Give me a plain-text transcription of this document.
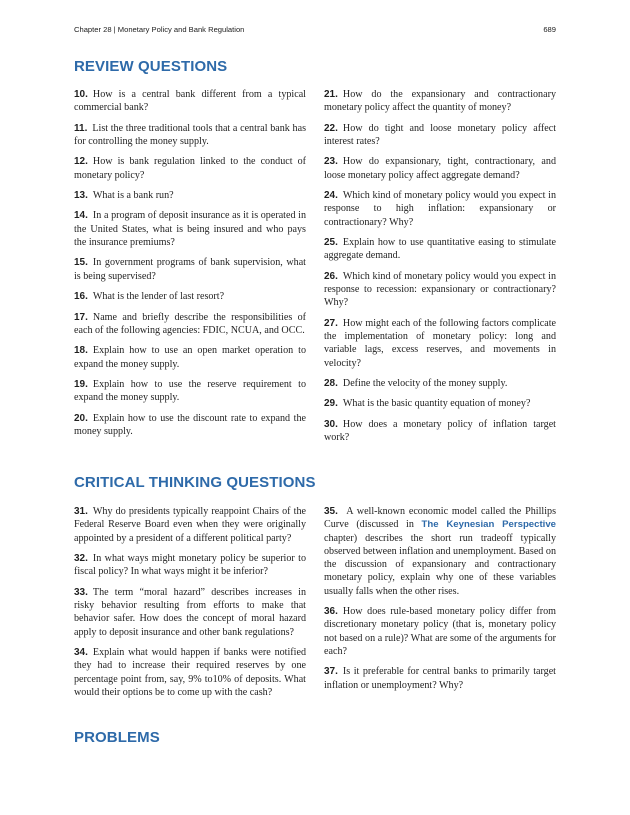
Chapter 28 | Monetary Policy and Bank Regulation	689
REVIEW QUESTIONS

10. How is a central bank different from a typical commercial bank?

11. List the three traditional tools that a central bank has for controlling the money supply.

12. How is bank regulation linked to the conduct of monetary policy?

13. What is a bank run?

14. In a program of deposit insurance as it is operated in the United States, what is being insured and who pays the insurance premiums?

15. In government programs of bank supervision, what is being supervised?

16. What is the lender of last resort?

17. Name and briefly describe the responsibilities of each of the following agencies: FDIC, NCUA, and OCC.

18. Explain how to use an open market operation to expand the money supply.

19. Explain how to use the reserve requirement to expand the money supply.

20. Explain how to use the discount rate to expand the money supply.

21. How do the expansionary and contractionary monetary policy affect the quantity of money?

22. How do tight and loose monetary policy affect interest rates?

23. How do expansionary, tight, contractionary, and loose monetary policy affect aggregate demand?

24. Which kind of monetary policy would you expect in response to high inflation: expansionary or contractionary? Why?

25. Explain how to use quantitative easing to stimulate aggregate demand.

26. Which kind of monetary policy would you expect in response to recession: expansionary or contractionary? Why?

27. How might each of the following factors complicate the implementation of monetary policy: long and variable lags, excess reserves, and movements in velocity?

28. Define the velocity of the money supply.

29. What is the basic quantity equation of money?

30. How does a monetary policy of inflation target work?

CRITICAL THINKING QUESTIONS

31. Why do presidents typically reappoint Chairs of the Federal Reserve Board even when they were originally appointed by a president of a different political party?

32. In what ways might monetary policy be superior to fiscal policy? In what ways might it be inferior?

33. The term “moral hazard” describes increases in risky behavior resulting from efforts to make that behavior safer. How does the concept of moral hazard apply to deposit insurance and other bank regulations?

34. Explain what would happen if banks were notified they had to increase their required reserves by one percentage point from, say, 9% to10% of deposits. What would their options be to come up with the cash?

35. A well-known economic model called the Phillips Curve (discussed in The Keynesian Perspective chapter) describes the short run tradeoff typically observed between inflation and unemployment. Based on the discussion of expansionary and contractionary monetary policy, explain why one of these variables usually falls when the other rises.

36. How does rule-based monetary policy differ from discretionary monetary policy (that is, monetary policy not based on a rule)? What are some of the arguments for each?

37. Is it preferable for central banks to primarily target inflation or unemployment? Why?

PROBLEMS
